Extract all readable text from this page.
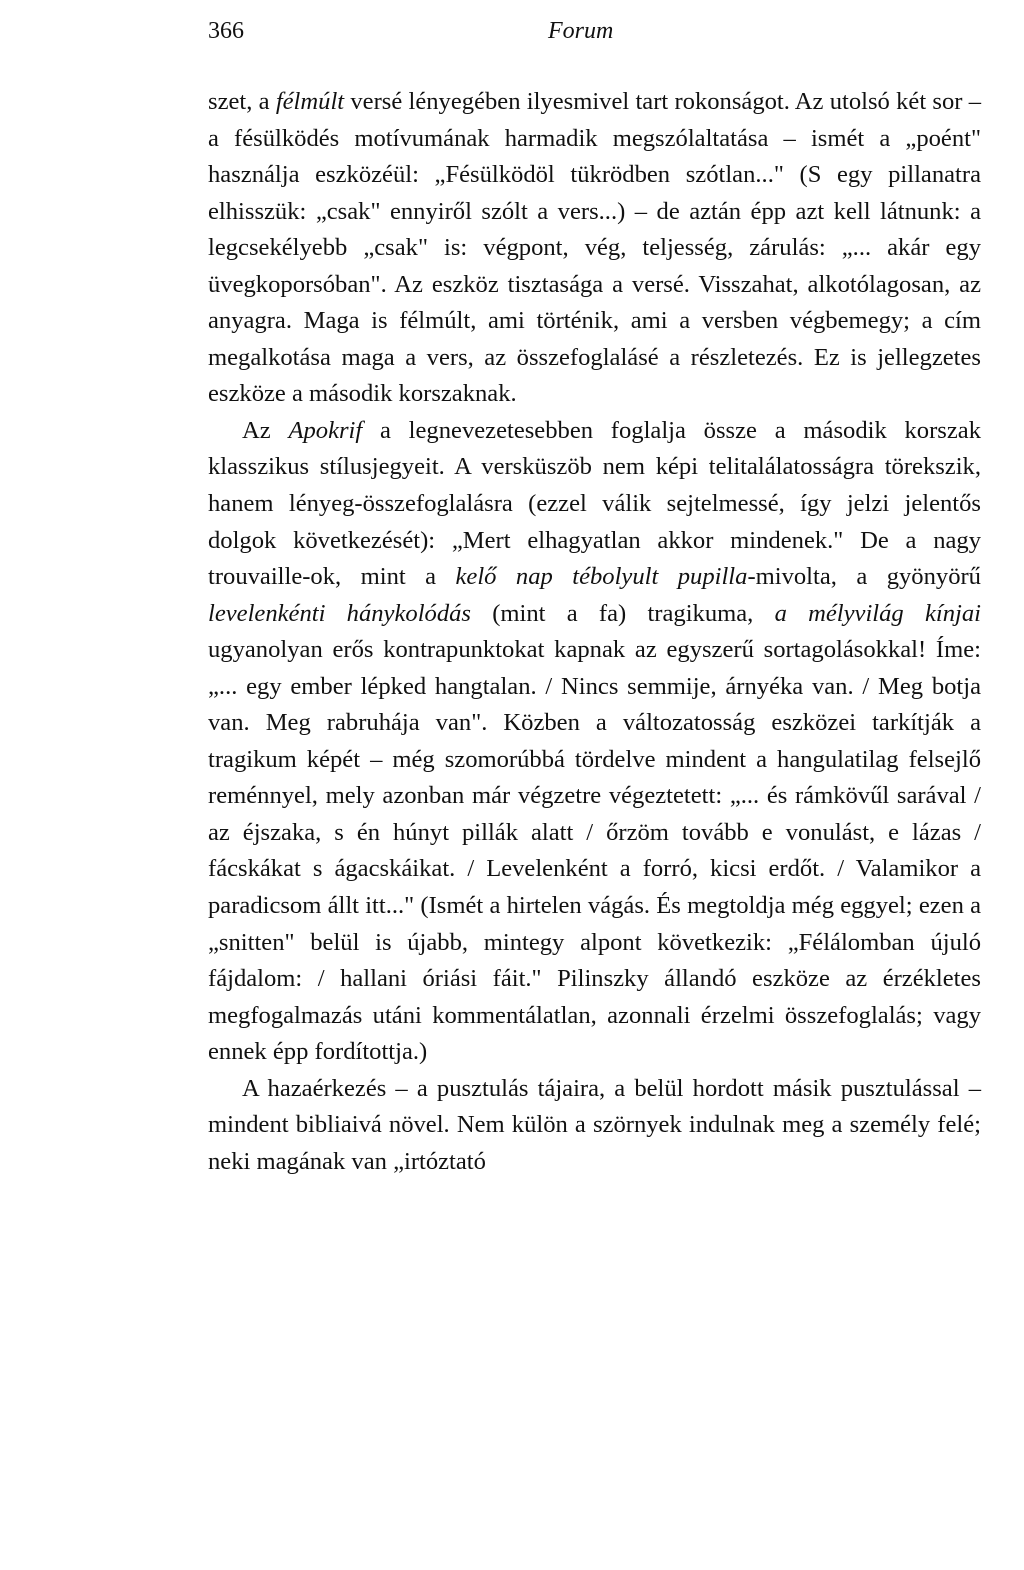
366	Forum

szet, a félmúlt versé lényegében ilyesmivel tart rokonságot. Az utolsó két sor – a fésülködés motívumának harmadik megszólaltatása – ismét a „poént" használja eszközéül: „Fésülködöl tükrödben szótlan..." (S egy pillanatra elhisszük: „csak" ennyiről szólt a vers...) – de aztán épp azt kell látnunk: a legcsekélyebb „csak" is: végpont, vég, teljesség, zárulás: „... akár egy üvegkoporsóban". Az eszköz tisztasága a versé. Visszahat, alkotólagosan, az anyagra. Maga is félmúlt, ami történik, ami a versben végbemegy; a cím megalkotása maga a vers, az összefoglalásé a részletezés. Ez is jellegzetes eszköze a második korszaknak.

Az Apokrif a legnevezetesebben foglalja össze a második korszak klasszikus stílusjegyeit. A versküszöb nem képi telitalálatosságra törekszik, hanem lényeg-összefoglalásra (ezzel válik sejtelmessé, így jelzi jelentős dolgok következését): „Mert elhagyatlan akkor mindenek." De a nagy trouvaille-ok, mint a kelő nap tébolyult pupilla-mivolta, a gyönyörű levelenkénti hánykolódás (mint a fa) tragikuma, a mélyvilág kínjai ugyanolyan erős kontrapunktokat kapnak az egyszerű sortagolásokkal! Íme: „... egy ember lépked hangtalan. / Nincs semmije, árnyéka van. / Meg botja van. Meg rabruhája van". Közben a változatosság eszközei tarkítják a tragikum képét – még szomorúbbá tördelve mindent a hangulatilag felsejlő reménnyel, mely azonban már végzetre végeztetett: „... és rámkövűl sarával / az éjszaka, s én húnyt pillák alatt / őrzöm tovább e vonulást, e lázas / fácskákat s ágacskáikat. / Levelenként a forró, kicsi erdőt. / Valamikor a paradicsom állt itt..." (Ismét a hirtelen vágás. És megtoldja még eggyel; ezen a „snitten" belül is újabb, mintegy alpont következik: „Félálomban újuló fájdalom: / hallani óriási fáit." Pilinszky állandó eszköze az érzékletes megfogalmazás utáni kommentálatlan, azonnali érzelmi összefoglalás; vagy ennek épp fordítottja.)

A hazaérkezés – a pusztulás tájaira, a belül hordott másik pusztulással – mindent bibliaivá növel. Nem külön a szörnyek indulnak meg a személy felé; neki magának van „irtóztató
